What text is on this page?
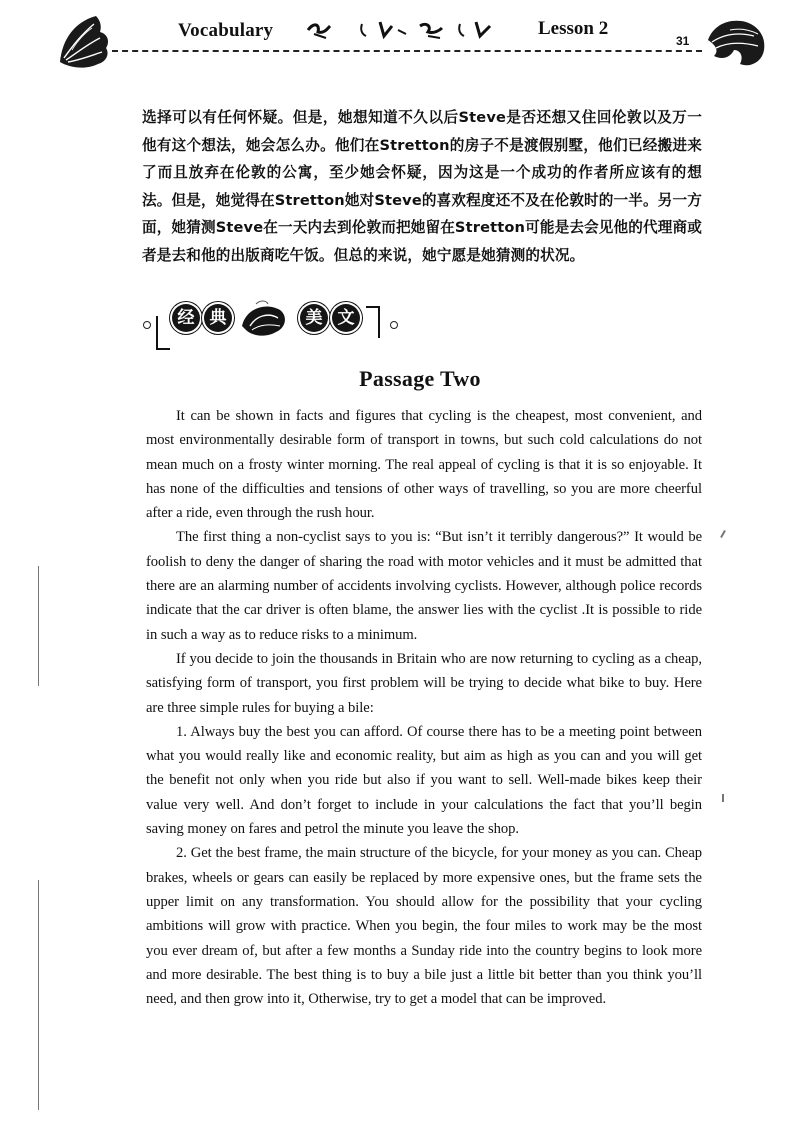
Vocabulary	Lesson 2
31
选择可以有任何怀疑。但是，她想知道不久以后Steve是否还想又住回伦敦以及万一他有这个想法，她会怎么办。他们在Stretton的房子不是渡假别墅，他们已经搬进来了而且放弃在伦敦的公寓，至少她会怀疑，因为这是一个成功的作者所应该有的想法。但是，她觉得在Stretton她对Steve的喜欢程度还不及在伦敦时的一半。另一方面，她猜测Steve在一天内去到伦敦而把她留在Stretton可能是去会见他的代理商或者是去和他的出版商吃午饭。但总的来说，她宁愿是她猜测的状况。
经 典	美 文
Passage Two

It can be shown in facts and figures that cycling is the cheapest, most convenient, and most environmentally desirable form of transport in towns, but such cold calculations do not mean much on a frosty winter morning. The real appeal of cycling is that it is so enjoyable. It has none of the difficulties and tensions of other ways of travelling, so you are more cheerful after a ride, even through the rush hour.

The first thing a non-cyclist says to you is: “But isn’t it terribly dangerous?” It would be foolish to deny the danger of sharing the road with motor vehicles and it must be admitted that there are an alarming number of accidents involving cyclists. However, although police records indicate that the car driver is often blame, the answer lies with the cyclist .It is possible to ride in such a way as to reduce risks to a minimum.

If you decide to join the thousands in Britain who are now returning to cycling as a cheap, satisfying form of transport, you first problem will be trying to decide what bike to buy. Here are three simple rules for buying a bile:

1. Always buy the best you can afford. Of course there has to be a meeting point between what you would really like and economic reality, but aim as high as you can and you will get the benefit not only when you ride but also if you want to sell. Well-made bikes keep their value very well. And don’t forget to include in your calculations the fact that you’ll begin saving money on fares and petrol the minute you leave the shop.

2. Get the best frame, the main structure of the bicycle, for your money as you can. Cheap brakes, wheels or gears can easily be replaced by more expensive ones, but the frame sets the upper limit on any transformation. You should allow for the possibility that your cycling ambitions will grow with practice. When you begin, the four miles to work may be the most you ever dream of, but after a few months a Sunday ride into the country begins to look more and more desirable. The best thing is to buy a bile just a little bit better than you think you’ll need, and then grow into it, Otherwise, try to get a model that can be improved.
